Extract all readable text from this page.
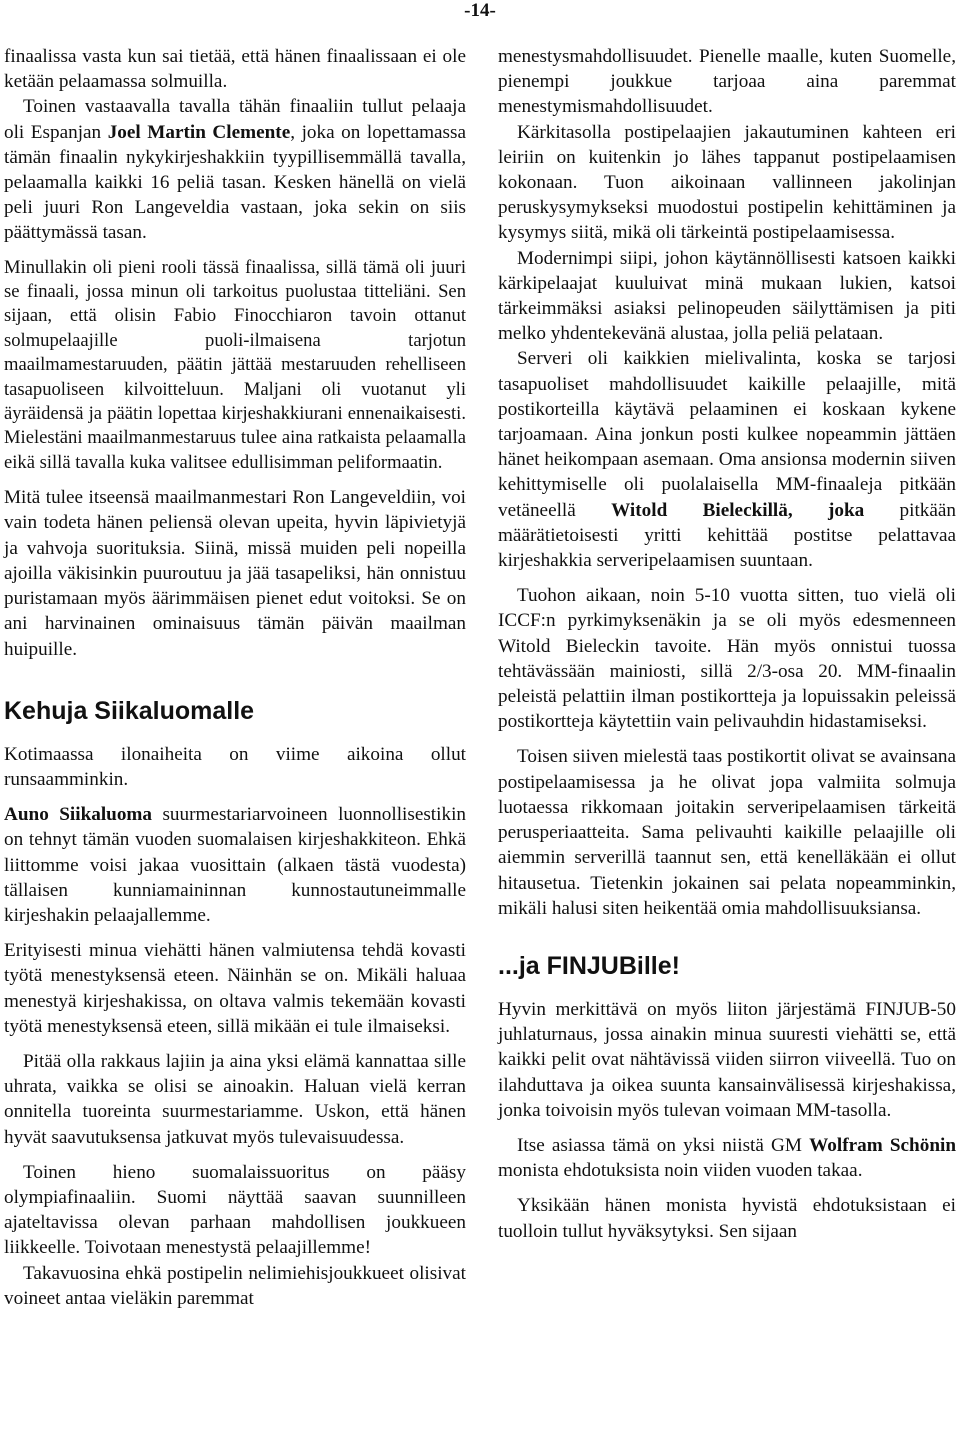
-14-

finaalissa vasta kun sai tietää, että hänen finaalissaan ei ole ketään pelaamassa solmuilla.

Toinen vastaavalla tavalla tähän finaaliin tullut pelaaja oli Espanjan Joel Martin Clemente, joka on lopettamassa tämän finaalin nykykirjeshakkiin tyypillisemmällä tavalla, pelaamalla kaikki 16 peliä tasan. Kesken hänellä on vielä peli juuri Ron Langeveldia vastaan, joka sekin on siis päättymässä tasan.

Minullakin oli pieni rooli tässä finaalissa, sillä tämä oli juuri se finaali, jossa minun oli tarkoitus puolustaa titteliäni. Sen sijaan, että olisin Fabio Finocchiaron tavoin ottanut solmupelaajille puoli-ilmaisena tarjotun maailmamestaruuden, päätin jättää mestaruuden rehelliseen tasapuoliseen kilvoitteluun. Maljani oli vuotanut yli äyräidensä ja päätin lopettaa kirjeshakkiurani ennenaikaisesti. Mielestäni maailmanmestaruus tulee aina ratkaista pelaamalla eikä sillä tavalla kuka valitsee edullisimman peliformaatin.

Mitä tulee itseensä maailmanmestari Ron Langeveldiin, voi vain todeta hänen peliensä olevan upeita, hyvin läpivietyjä ja vahvoja suorituksia. Siinä, missä muiden peli nopeilla ajoilla väkisinkin puuroutuu ja jää tasapeliksi, hän onnistuu puristamaan myös äärimmäisen pienet edut voitoksi. Se on ani harvinainen ominaisuus tämän päivän maailman huipuille.

Kehuja Siikaluomalle

Kotimaassa ilonaiheita on viime aikoina ollut runsaamminkin.

Auno Siikaluoma suurmestariarvoineen luonnollisestikin on tehnyt tämän vuoden suomalaisen kirjeshakkiteon. Ehkä liittomme voisi jakaa vuosittain (alkaen tästä vuodesta) tällaisen kunniamaininnan kunnostautuneimmalle kirjeshakin pelaajallemme.

Erityisesti minua viehätti hänen valmiutensa tehdä kovasti työtä menestyksensä eteen. Näinhän se on. Mikäli haluaa menestyä kirjeshakissa, on oltava valmis tekemään kovasti työtä menestyksensä eteen, sillä mikään ei tule ilmaiseksi.

Pitää olla rakkaus lajiin ja aina yksi elämä kannattaa sille uhrata, vaikka se olisi se ainoakin. Haluan vielä kerran onnitella tuoreinta suurmestariamme. Uskon, että hänen hyvät saavutuksensa jatkuvat myös tulevaisuudessa.

Toinen hieno suomalaissuoritus on pääsy olympiafinaaliin. Suomi näyttää saavan suunnilleen ajateltavissa olevan parhaan mahdollisen joukkueen liikkeelle. Toivotaan menestystä pelaajillemme!

Takavuosina ehkä postipelin nelimiehisjoukkueet olisivat voineet antaa vieläkin paremmat

menestysmahdollisuudet. Pienelle maalle, kuten Suomelle, pienempi joukkue tarjoaa aina paremmat menestymismahdollisuudet.

Kärkitasolla postipelaajien jakautuminen kahteen eri leiriin on kuitenkin jo lähes tappanut postipelaamisen kokonaan. Tuon aikoinaan vallinneen jakolinjan peruskysymykseksi muodostui postipelin kehittäminen ja kysymys siitä, mikä oli tärkeintä postipelaamisessa.

Modernimpi siipi, johon käytännöllisesti katsoen kaikki kärkipelaajat kuuluivat minä mukaan lukien, katsoi tärkeimmäksi asiaksi pelinopeuden säilyttämisen ja piti melko yhdentekevänä alustaa, jolla peliä pelataan.

Serveri oli kaikkien mielivalinta, koska se tarjosi tasapuoliset mahdollisuudet kaikille pelaajille, mitä postikorteilla käytävä pelaaminen ei koskaan kykene tarjoamaan. Aina jonkun posti kulkee nopeammin jättäen hänet heikompaan asemaan. Oma ansionsa modernin siiven kehittymiselle oli puolalaisella MM-finaaleja pitkään vetäneellä Witold Bieleckillä, joka pitkään määrätietoisesti yritti kehittää postitse pelattavaa kirjeshakkia serveripelaamisen suuntaan.

Tuohon aikaan, noin 5-10 vuotta sitten, tuo vielä oli ICCF:n pyrkimyksenäkin ja se oli myös edesmenneen Witold Bieleckin tavoite. Hän myös onnistui tuossa tehtävässään mainiosti, sillä 2/3-osa 20. MM-finaalin peleistä pelattiin ilman postikortteja ja lopuissakin peleissä postikortteja käytettiin vain pelivauhdin hidastamiseksi.

Toisen siiven mielestä taas postikortit olivat se avainsana postipelaamisessa ja he olivat jopa valmiita solmuja luotaessa rikkomaan joitakin serveripelaamisen tärkeitä perusperiaatteita. Sama pelivauhti kaikille pelaajille oli aiemmin serverillä taannut sen, että kenelläkään ei ollut hitausetua. Tietenkin jokainen sai pelata nopeamminkin, mikäli halusi siten heikentää omia mahdollisuuksiansa.

...ja FINJUBille!

Hyvin merkittävä on myös liiton järjestämä FINJUB-50 juhlaturnaus, jossa ainakin minua suuresti viehätti se, että kaikki pelit ovat nähtävissä viiden siirron viiveellä. Tuo on ilahduttava ja oikea suunta kansainvälisessä kirjeshakissa, jonka toivoisin myös tulevan voimaan MM-tasolla.

Itse asiassa tämä on yksi niistä GM Wolfram Schönin monista ehdotuksista noin viiden vuoden takaa.

Yksikään hänen monista hyvistä ehdotuksistaan ei tuolloin tullut hyväksytyksi. Sen sijaan
